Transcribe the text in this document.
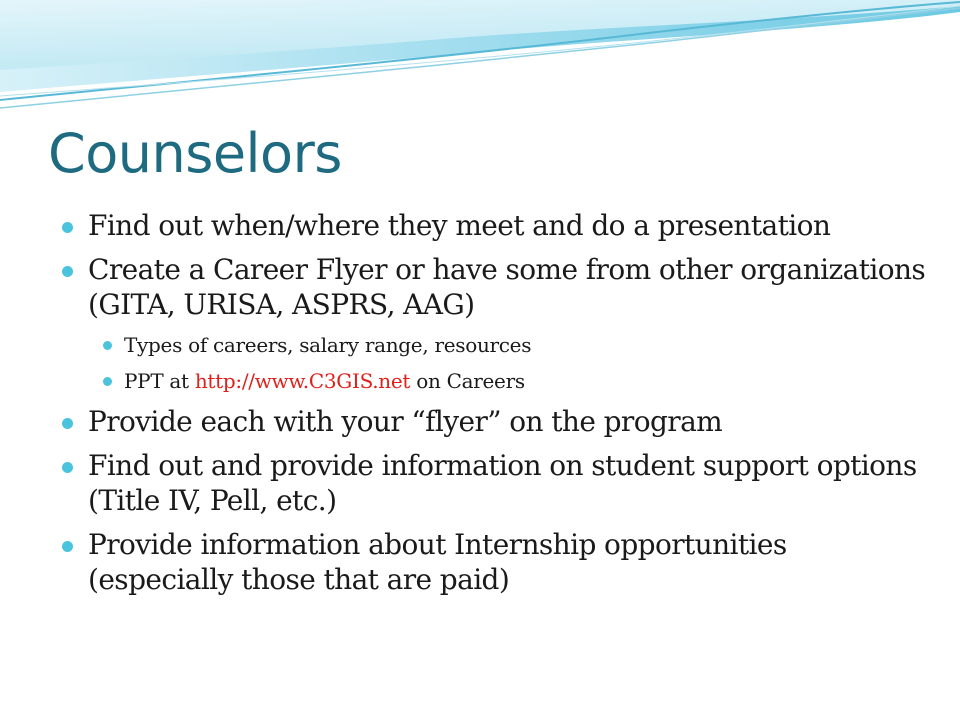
Counselors
Find out when/where they meet and do a presentation
Create a Career Flyer or have some from other organizations (GITA, URISA, ASPRS, AAG)
Types of careers, salary range, resources
PPT at http://www.C3GIS.net on Careers
Provide each with your “flyer” on the program
Find out and provide information on student support options (Title IV, Pell, etc.)
Provide information about Internship opportunities (especially those that are paid)
